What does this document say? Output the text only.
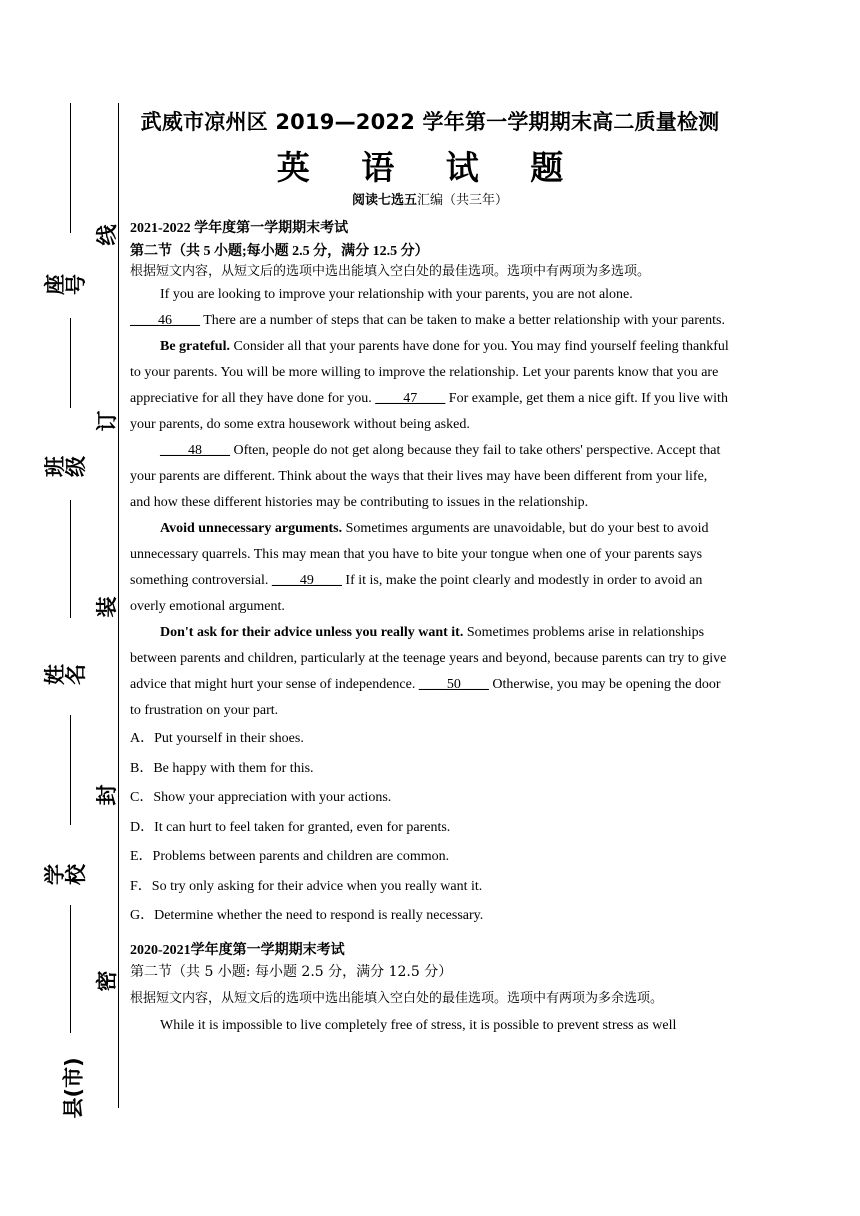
座号
班级
姓名
学校
县(市)
线
订
装
封
密
武威市凉州区 2019—2022 学年第一学期期末高二质量检测
英 语 试 题
阅读七选五汇编（共三年）

2021-2022 学年度第一学期期末考试

第二节（共 5 小题;每小题 2.5 分，满分 12.5 分）

根据短文内容，从短文后的选项中选出能填入空白处的最佳选项。选项中有两项为多选项。

If you are looking to improve your relationship with your parents, you are not alone.

____46____ There are a number of steps that can be taken to make a better relationship with your parents.

Be grateful. Consider all that your parents have done for you. You may find yourself feeling thankful to your parents. You will be more willing to improve the relationship. Let your parents know that you are appreciative for all they have done for you. ____47____ For example, get them a nice gift. If you live with your parents, do some extra housework without being asked.

____48____ Often, people do not get along because they fail to take others' perspective. Accept that your parents are different. Think about the ways that their lives may have been different from your life, and how these different histories may be contributing to issues in the relationship.

Avoid unnecessary arguments. Sometimes arguments are unavoidable, but do your best to avoid unnecessary quarrels. This may mean that you have to bite your tongue when one of your parents says something controversial. ____49____ If it is, make the point clearly and modestly in order to avoid an overly emotional argument.

Don't ask for their advice unless you really want it. Sometimes problems arise in relationships between parents and children, particularly at the teenage years and beyond, because parents can try to give advice that might hurt your sense of independence. ____50____ Otherwise, you may be opening the door to frustration on your part.

A．Put yourself in their shoes.

B．Be happy with them for this.

C．Show your appreciation with your actions.

D．It can hurt to feel taken for granted, even for parents.

E．Problems between parents and children are common.

F．So try only asking for their advice when you really want it.

G．Determine whether the need to respond is really necessary.

2020-2021学年度第一学期期末考试

第二节（共 5 小题: 每小题 2.5 分，满分 12.5 分）

根据短文内容，从短文后的选项中选出能填入空白处的最佳选项。选项中有两项为多余选项。

While it is impossible to live completely free of stress, it is possible to prevent stress as well
